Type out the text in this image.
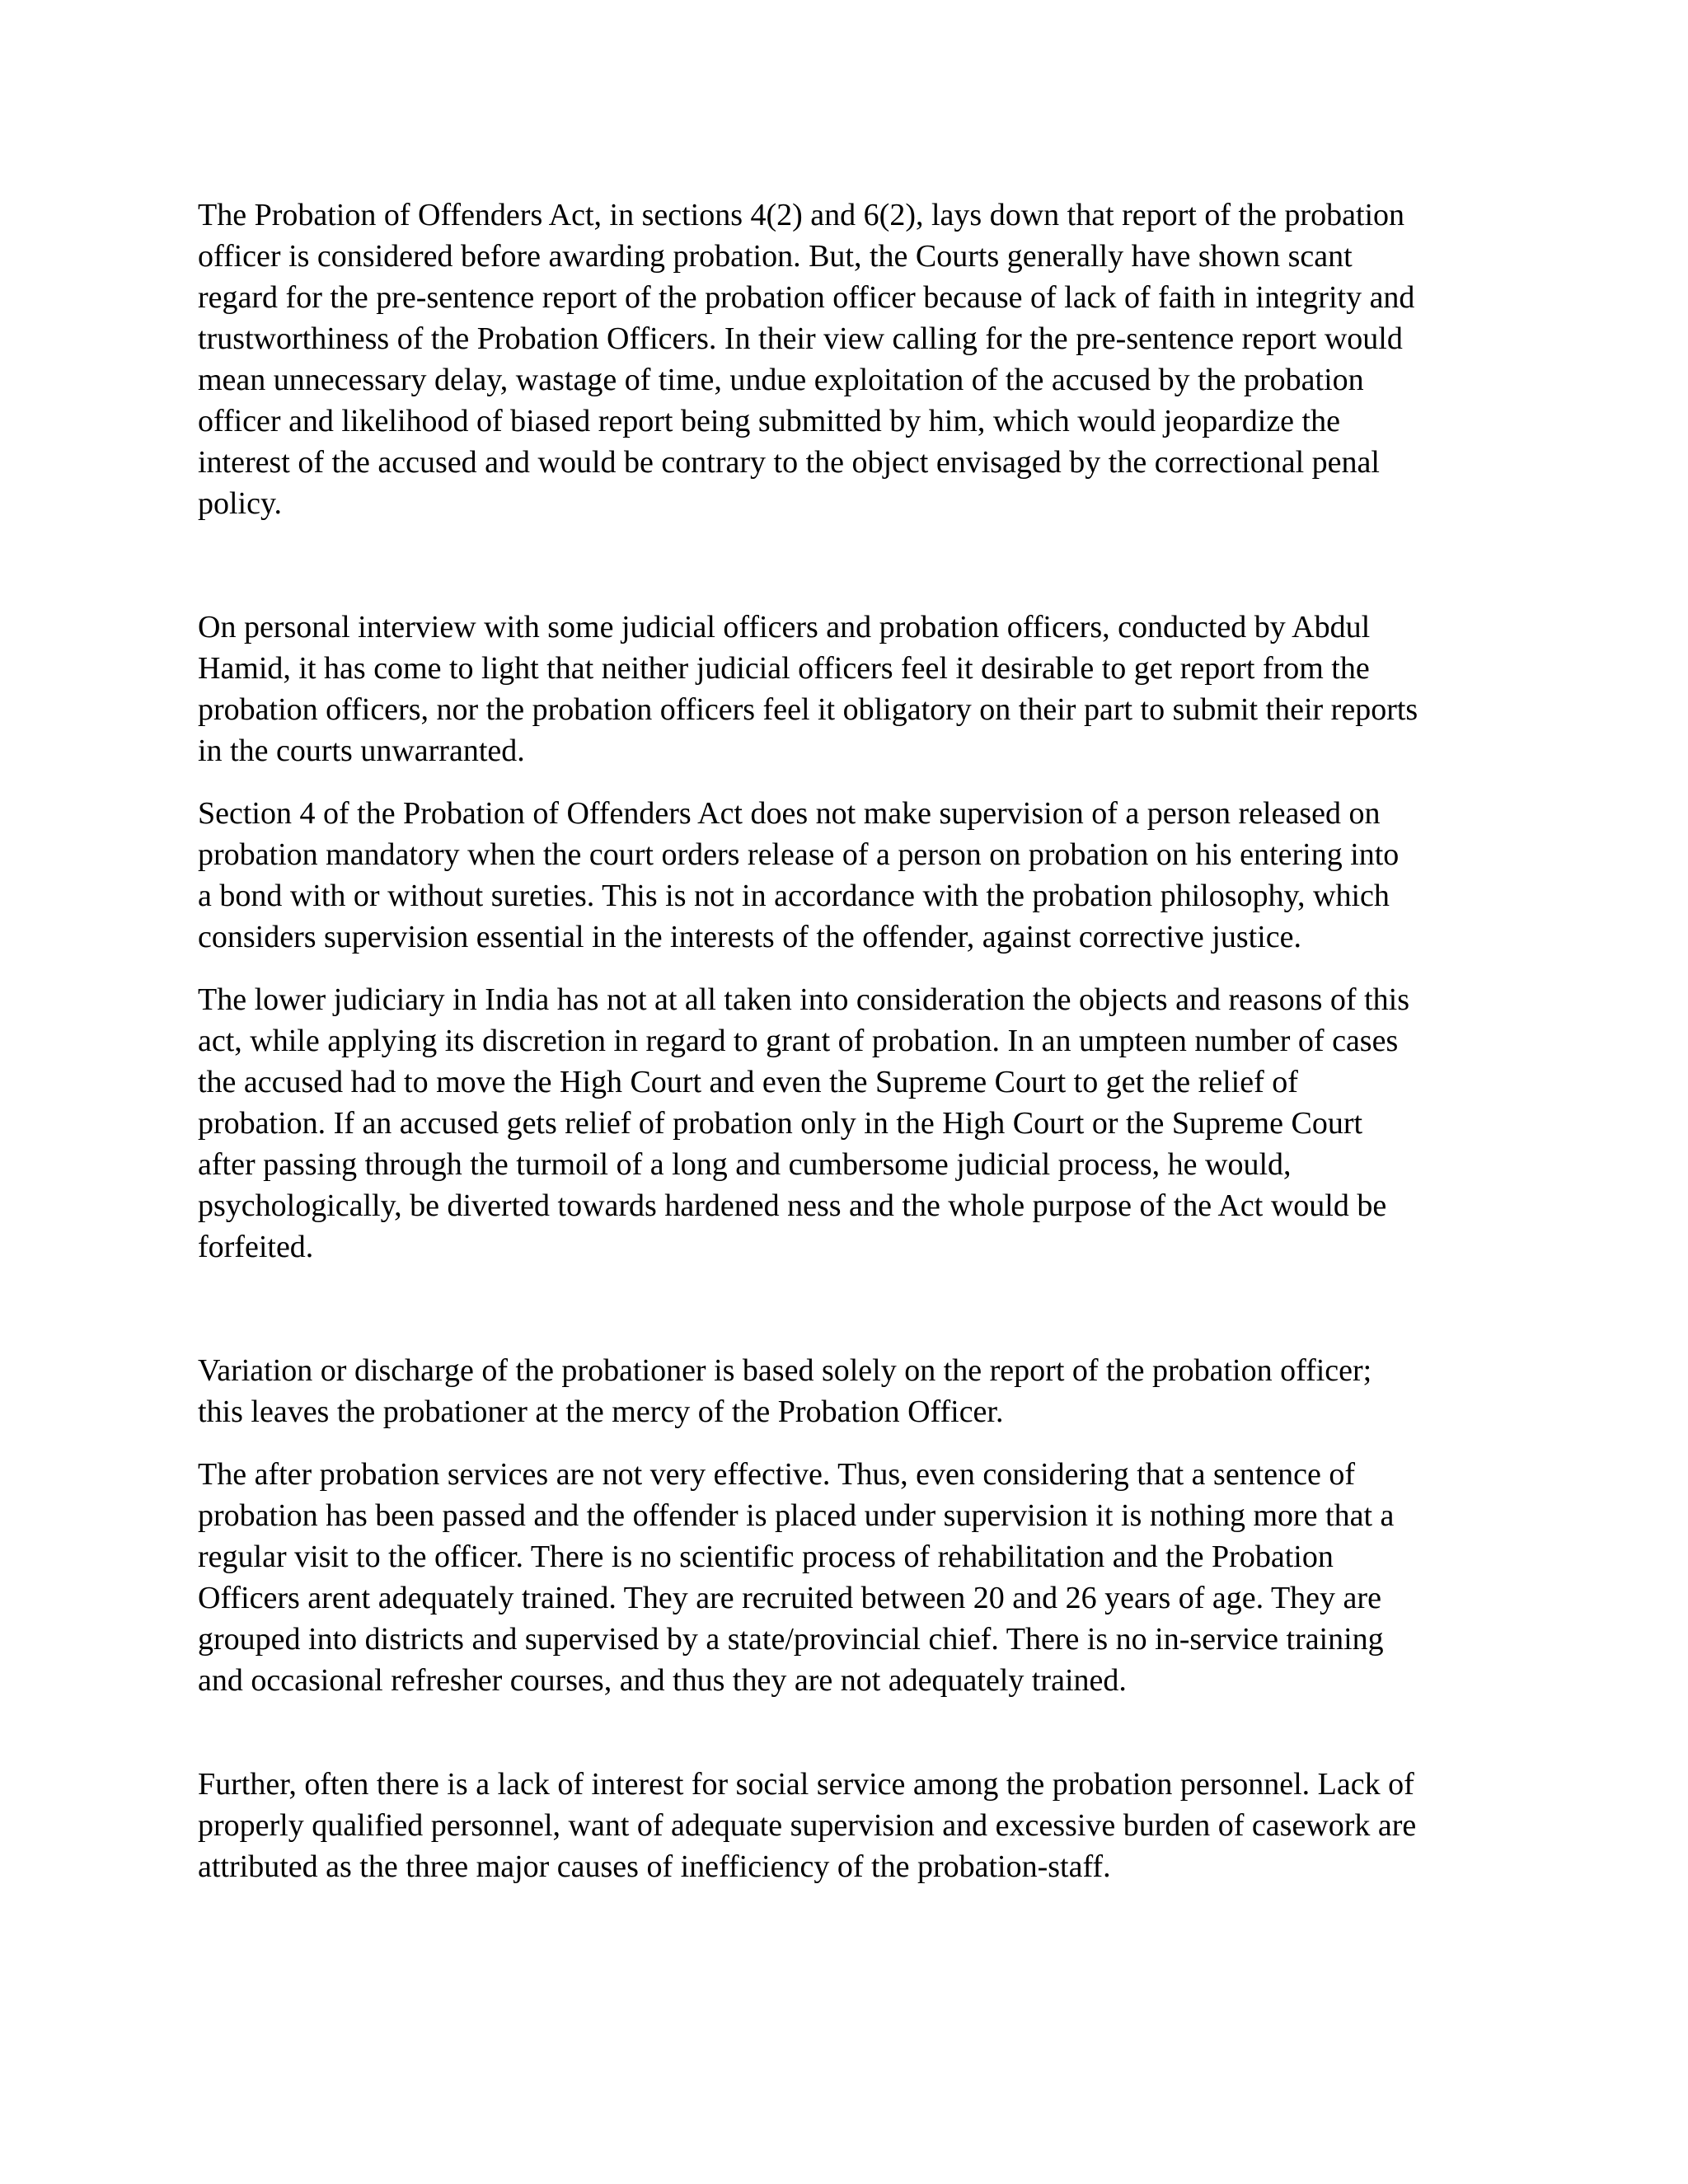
The Probation of Offenders Act, in sections 4(2) and 6(2), lays down that report of the probation
officer is considered before awarding probation. But, the Courts generally have shown scant
regard for the pre-sentence report of the probation officer because of lack of faith in integrity and
trustworthiness of the Probation Officers. In their view calling for the pre-sentence report would
mean unnecessary delay, wastage of time, undue exploitation of the accused by the probation
officer and likelihood of biased report being submitted by him, which would jeopardize the
interest of the accused and would be contrary to the object envisaged by the correctional penal
policy.

On personal interview with some judicial officers and probation officers, conducted by Abdul
Hamid, it has come to light that neither judicial officers feel it desirable to get report from the
probation officers, nor the probation officers feel it obligatory on their part to submit their reports
in the courts unwarranted.

Section 4 of the Probation of Offenders Act does not make supervision of a person released on
probation mandatory when the court orders release of a person on probation on his entering into
a bond with or without sureties. This is not in accordance with the probation philosophy, which
considers supervision essential in the interests of the offender, against corrective justice.

The lower judiciary in India has not at all taken into consideration the objects and reasons of this
act, while applying its discretion in regard to grant of probation. In an umpteen number of cases
the accused had to move the High Court and even the Supreme Court to get the relief of
probation. If an accused gets relief of probation only in the High Court or the Supreme Court
after passing through the turmoil of a long and cumbersome judicial process, he would,
psychologically, be diverted towards hardened ness and the whole purpose of the Act would be
forfeited.

Variation or discharge of the probationer is based solely on the report of the probation officer;
this leaves the probationer at the mercy of the Probation Officer.

The after probation services are not very effective. Thus, even considering that a sentence of
probation has been passed and the offender is placed under supervision it is nothing more that a
regular visit to the officer. There is no scientific process of rehabilitation and the Probation
Officers arent adequately trained. They are recruited between 20 and 26 years of age. They are
grouped into districts and supervised by a state/provincial chief. There is no in-service training
and occasional refresher courses, and thus they are not adequately trained.

Further, often there is a lack of interest for social service among the probation personnel. Lack of
properly qualified personnel, want of adequate supervision and excessive burden of casework are
attributed as the three major causes of inefficiency of the probation-staff.
